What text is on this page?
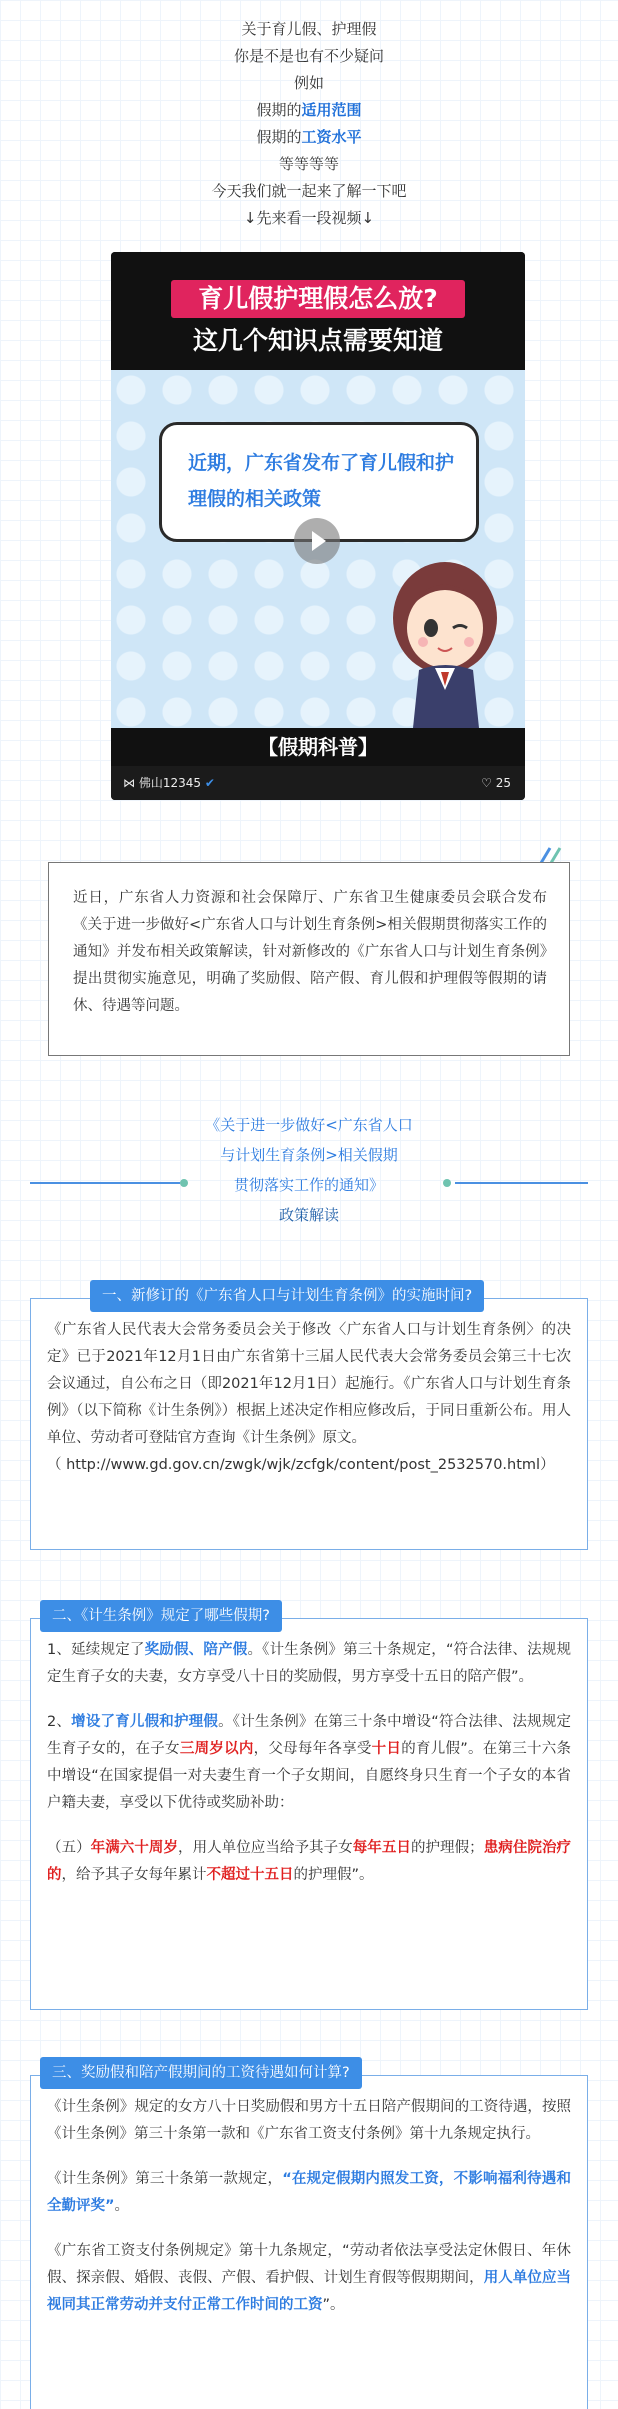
关于育儿假、护理假
你是不是也有不少疑问
例如
假期的适用范围
假期的工资水平
等等等等
今天我们就一起来了解一下吧
↓先来看一段视频↓
育儿假护理假怎么放?
这几个知识点需要知道
近期，广东省发布了育儿假和护理假的相关政策
【假期科普】
⋈ 佛山12345 ✔	♡ 25
近日，广东省人力资源和社会保障厅、广东省卫生健康委员会联合发布《关于进一步做好<广东省人口与计划生育条例>相关假期贯彻落实工作的通知》并发布相关政策解读，针对新修改的《广东省人口与计划生育条例》提出贯彻实施意见，明确了奖励假、陪产假、育儿假和护理假等假期的请休、待遇等问题。
《关于进一步做好<广东省人口
与计划生育条例>相关假期
贯彻落实工作的通知》
政策解读

《广东省人民代表大会常务委员会关于修改〈广东省人口与计划生育条例〉的决定》已于2021年12月1日由广东省第十三届人民代表大会常务委员会第三十七次会议通过，自公布之日（即2021年12月1日）起施行。《广东省人口与计划生育条例》（以下简称《计生条例》）根据上述决定作相应修改后，于同日重新公布。用人单位、劳动者可登陆官方查询《计生条例》原文。

（ http://www.gd.gov.cn/zwgk/wjk/zcfgk/content/post_2532570.html）

一、新修订的《广东省人口与计划生育条例》的实施时间?

1、延续规定了奖励假、陪产假。《计生条例》第三十条规定，“符合法律、法规规定生育子女的夫妻，女方享受八十日的奖励假，男方享受十五日的陪产假”。

2、增设了育儿假和护理假。《计生条例》在第三十条中增设“符合法律、法规规定生育子女的，在子女三周岁以内，父母每年各享受十日的育儿假”。在第三十六条中增设“在国家提倡一对夫妻生育一个子女期间，自愿终身只生育一个子女的本省户籍夫妻，享受以下优待或奖励补助：

（五）年满六十周岁，用人单位应当给予其子女每年五日的护理假；患病住院治疗的，给予其子女每年累计不超过十五日的护理假”。

二、《计生条例》规定了哪些假期?

《计生条例》规定的女方八十日奖励假和男方十五日陪产假期间的工资待遇，按照《计生条例》第三十条第一款和《广东省工资支付条例》第十九条规定执行。

《计生条例》第三十条第一款规定，“在规定假期内照发工资，不影响福利待遇和全勤评奖”。

《广东省工资支付条例规定》第十九条规定，“劳动者依法享受法定休假日、年休假、探亲假、婚假、丧假、产假、看护假、计划生育假等假期期间，用人单位应当视同其正常劳动并支付正常工作时间的工资”。

三、奖励假和陪产假期间的工资待遇如何计算?
